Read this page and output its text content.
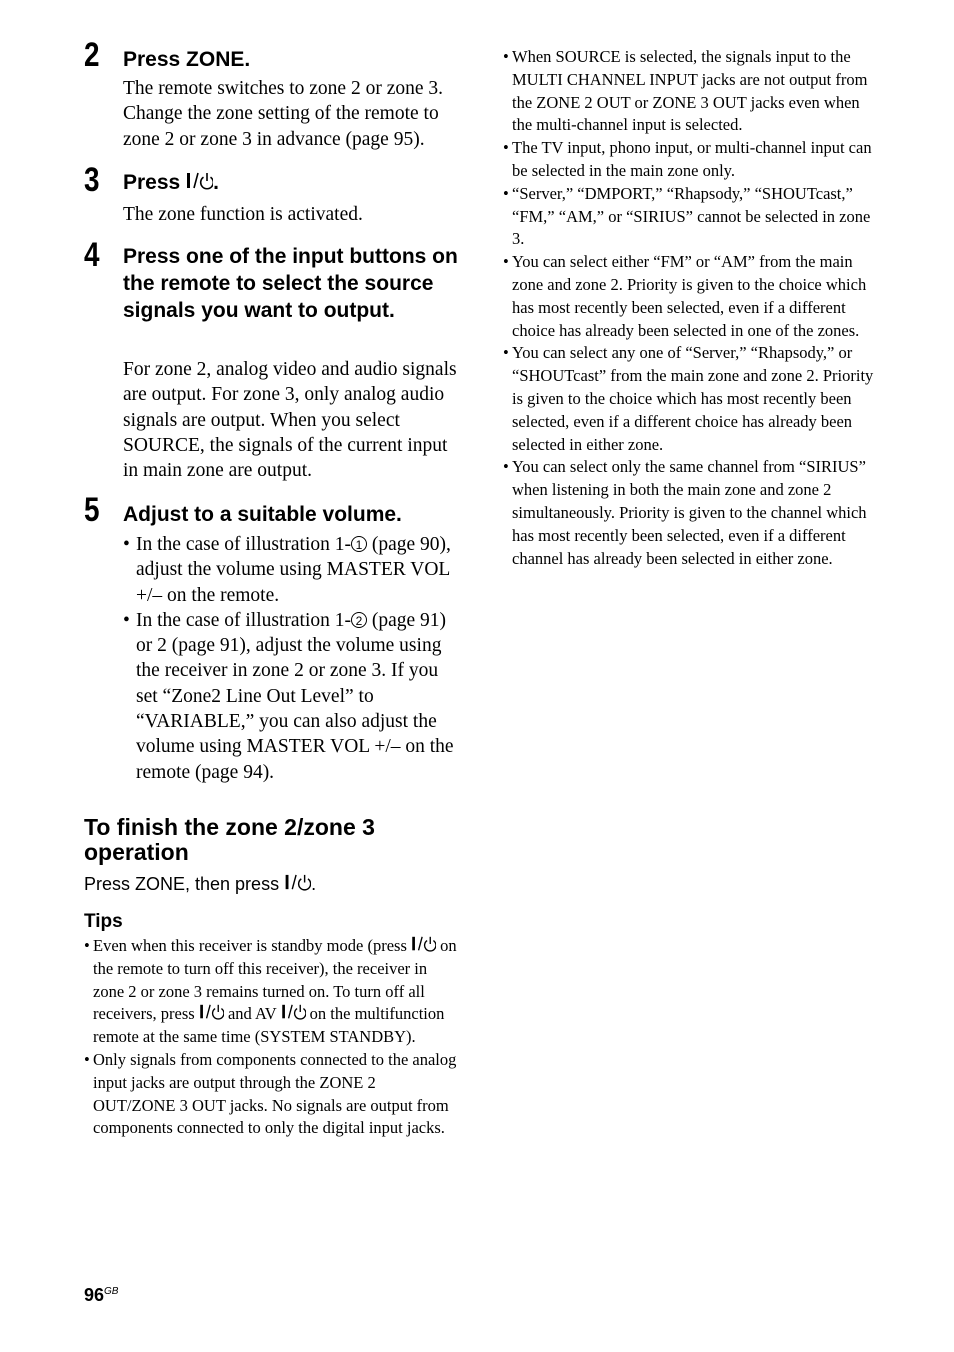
2 Press ZONE.
The remote switches to zone 2 or zone 3. Change the zone setting of the remote to zone 2 or zone 3 in advance (page 95).
3 Press .
The zone function is activated.
4 Press one of the input buttons on the remote to select the source signals you want to output.
For zone 2, analog video and audio signals are output. For zone 3, only analog audio signals are output. When you select SOURCE, the signals of the current input in main zone are output.
5 Adjust to a suitable volume.
• In the case of illustration 1- 1 (page 90), adjust the volume using MASTER VOL +/– on the remote.
• In the case of illustration 1- 2 (page 91) or 2 (page 91), adjust the volume using the receiver in zone 2 or zone 3. If you set “Zone2 Line Out Level” to “VARIABLE,” you can also adjust the volume using MASTER VOL +/– on the remote (page 94).
To finish the zone 2/zone 3 operation
Press ZONE, then press .
Tips
• Even when this receiver is standby mode (press  on the remote to turn off this receiver), the receiver in zone 2 or zone 3 remains turned on. To turn off all receivers, press  and AV  on the multifunction remote at the same time (SYSTEM STANDBY).
• Only signals from components connected to the analog input jacks are output through the ZONE 2 OUT/ZONE 3 OUT jacks. No signals are output from components connected to only the digital input jacks.
• When SOURCE is selected, the signals input to the MULTI CHANNEL INPUT jacks are not output from the ZONE 2 OUT or ZONE 3 OUT jacks even when the multi-channel input is selected.
• The TV input, phono input, or multi-channel input can be selected in the main zone only.
• “Server,” “DMPORT,” “Rhapsody,” “SHOUTcast,” “FM,” “AM,” or “SIRIUS” cannot be selected in zone 3.
• You can select either “FM” or “AM” from the main zone and zone 2. Priority is given to the choice which has most recently been selected, even if a different choice has already been selected in one of the zones.
• You can select any one of “Server,” “Rhapsody,” or “SHOUTcast” from the main zone and zone 2. Priority is given to the choice which has most recently been selected, even if a different choice has already been selected in either zone.
• You can select only the same channel from “SIRIUS” when listening in both the main zone and zone 2 simultaneously. Priority is given to the channel which has most recently been selected, even if a different channel has already been selected in either zone.
$96^{GB}$
